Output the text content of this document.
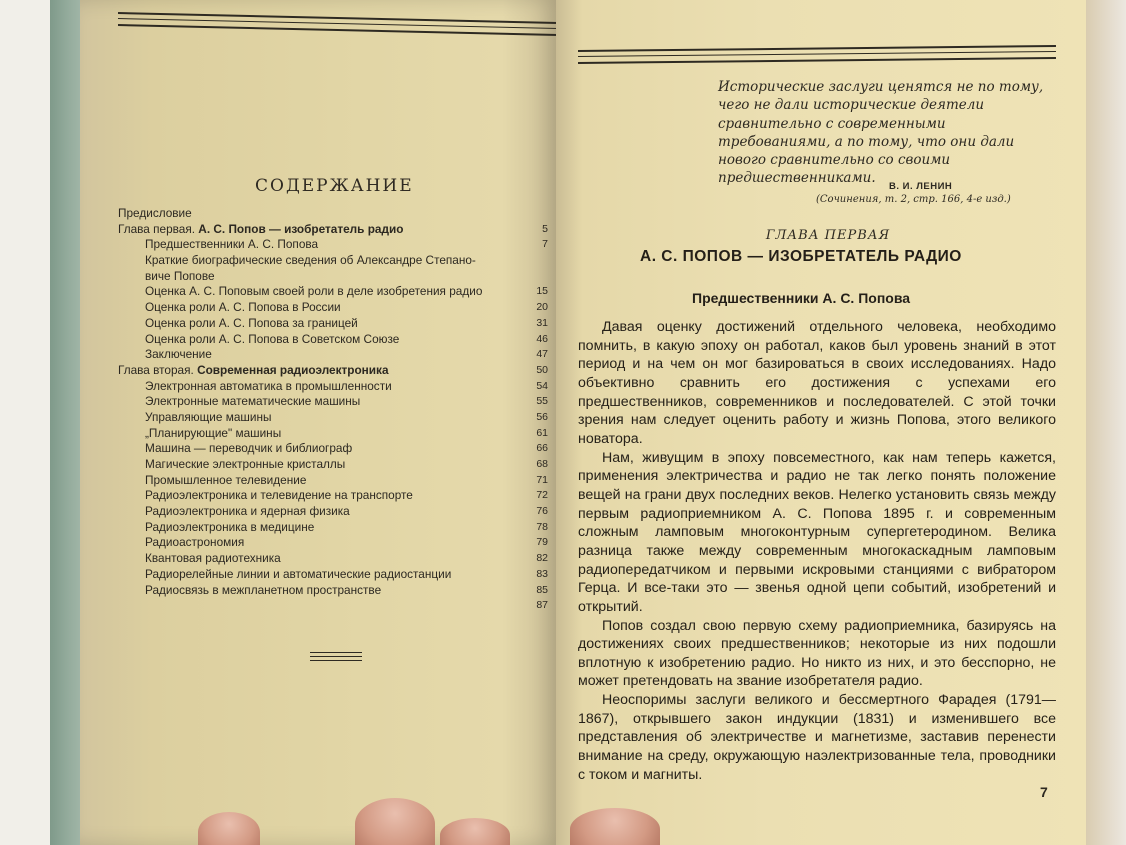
СОДЕРЖАНИЕ
Предисловие
Глава первая. А. С. Попов — изобретатель радио	5
Предшественники А. С. Попова	7
Краткие биографические сведения об Александре Степано-
виче Попове
Оценка А. С. Поповым своей роли в деле изобретения радио	15
Оценка роли А. С. Попова в России	20
Оценка роли А. С. Попова за границей	31
Оценка роли А. С. Попова в Советском Союзе	46
Заключение	47
Глава вторая. Современная радиоэлектроника	50
Электронная автоматика в промышленности	54
Электронные математические машины	55
Управляющие машины	56
„Планирующие" машины	61
Машина — переводчик и библиограф	66
Магические электронные кристаллы	68
Промышленное телевидение	71
Радиоэлектроника и телевидение на транспорте	72
Радиоэлектроника и ядерная физика	76
Радиоэлектроника в медицине	78
Радиоастрономия	79
Квантовая радиотехника	82
Радиорелейные линии и автоматические радиостанции	83
Радиосвязь в межпланетном пространстве	85
87
Исторические заслуги ценятся не по тому, чего не дали исторические деятели сравнительно с современными требованиями, а по тому, что они дали нового сравнительно со своими предшественниками.
В. И. ЛЕНИН
(Сочинения, т. 2, стр. 166, 4-е изд.)
ГЛАВА ПЕРВАЯ
А. С. ПОПОВ — ИЗОБРЕТАТЕЛЬ РАДИО
Предшественники А. С. Попова

Давая оценку достижений отдельного человека, необходимо помнить, в какую эпоху он работал, каков был уровень знаний в этот период и на чем он мог базироваться в своих исследованиях. Надо объективно сравнить его достижения с успехами его предшественников, современников и последователей. С этой точки зрения нам следует оценить работу и жизнь Попова, этого великого новатора.

Нам, живущим в эпоху повсеместного, как нам теперь кажется, применения электричества и радио не так легко понять положение вещей на грани двух последних веков. Нелегко установить связь между первым радиоприемником А. С. Попова 1895 г. и современным сложным ламповым многоконтурным супергетеродином. Велика разница также между современным многокаскадным ламповым радиопередатчиком и первыми искровыми станциями с вибратором Герца. И все-таки это — звенья одной цепи событий, изобретений и открытий.

Попов создал свою первую схему радиоприемника, базируясь на достижениях своих предшественников; некоторые из них подошли вплотную к изобретению радио. Но никто из них, и это бесспорно, не может претендовать на звание изобретателя радио.

Неоспоримы заслуги великого и бессмертного Фарадея (1791—1867), открывшего закон индукции (1831) и изменившего все представления об электричестве и магнетизме, заставив перенести внимание на среду, окружающую наэлектризованные тела, проводники с током и магниты.

7
